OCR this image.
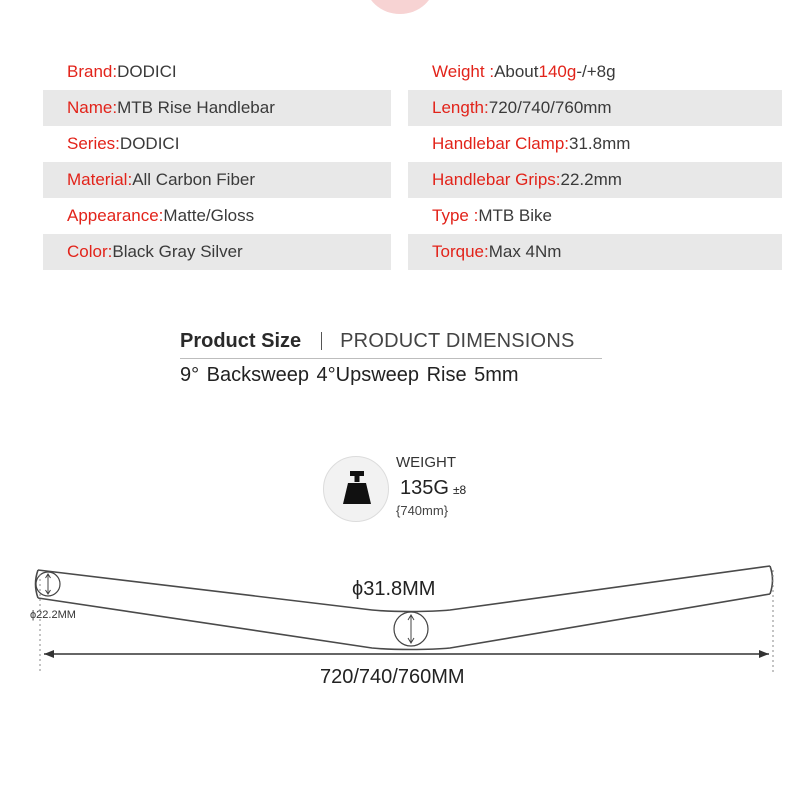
Brand: DODICI
Name: MTB Rise Handlebar
Series: DODICI
Material: All Carbon Fiber
Appearance: Matte/Gloss
Color: Black Gray Silver
Weight : About 140g -/+8g
Length: 720/740/760mm
Handlebar Clamp: 31.8mm
Handlebar Grips: 22.2mm
Type : MTB Bike
Torque: Max 4Nm
Product Size PRODUCT DIMENSIONS
9° Backsweep 4°Upsweep Rise 5mm
WEIGHT
135G ±8
{740mm}
ϕ31.8MM
ϕ22.2MM
720/740/760MM
